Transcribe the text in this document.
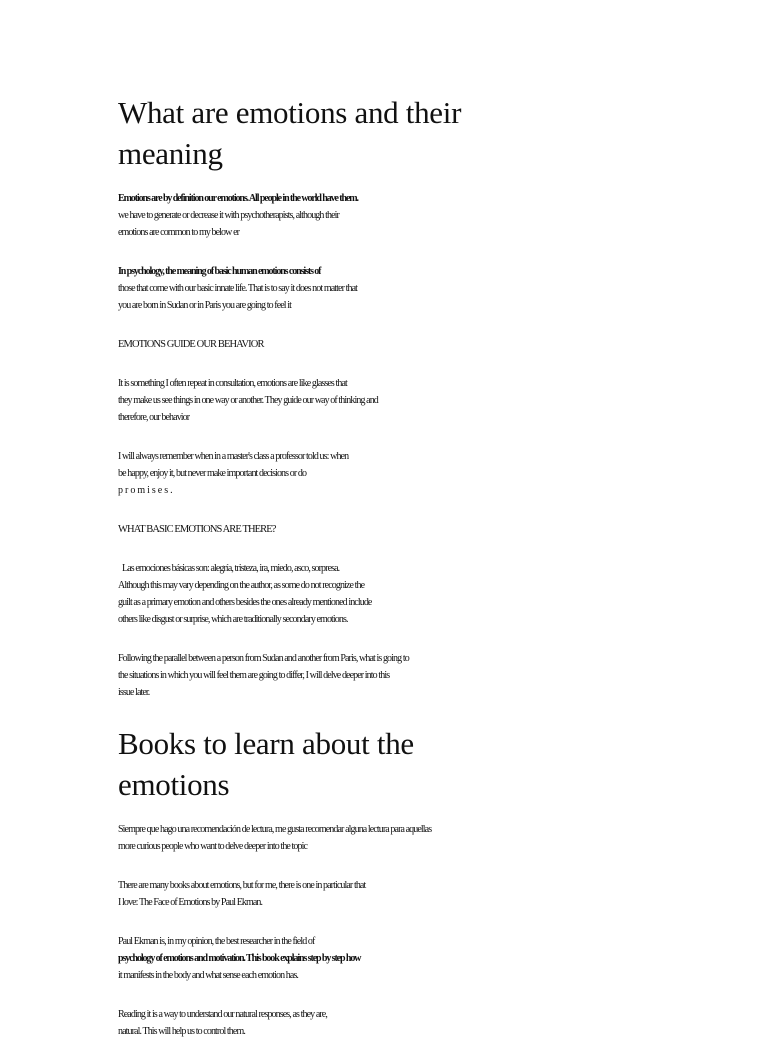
What are emotions and their meaning
Emotions are by definition our emotions. All people in the world have them.
we have to generate or decrease it with psychotherapists, although their
emotions are common to my below er
In psychology, the meaning of basic human emotions consists of
those that come with our basic innate life. That is to say it does not matter that
you are born in Sudan or in Paris you are going to feel it
EMOTIONS GUIDE OUR BEHAVIOR
It is something I often repeat in consultation, emotions are like glasses that
they make us see things in one way or another. They guide our way of thinking and
therefore, our behavior
I will always remember when in a master's class a professor told us: when
be happy, enjoy it, but never make important decisions or do
promises.
WHAT BASIC EMOTIONS ARE THERE?
Las emociones básicas son: alegría, tristeza, ira, miedo, asco, sorpresa.
Although this may vary depending on the author, as some do not recognize the
guilt as a primary emotion and others besides the ones already mentioned include
others like disgust or surprise, which are traditionally secondary emotions.
Following the parallel between a person from Sudan and another from Paris, what is going to
the situations in which you will feel them are going to differ, I will delve deeper into this
issue later.
Books to learn about the emotions
Siempre que hago una recomendación de lectura, me gusta recomendar alguna lectura para aquellas
more curious people who want to delve deeper into the topic
There are many books about emotions, but for me, there is one in particular that
I love: The Face of Emotions by Paul Ekman.
Paul Ekman is, in my opinion, the best researcher in the field of
psychology of emotions and motivation. This book explains step by step how
it manifests in the body and what sense each emotion has.
Reading it is a way to understand our natural responses, as they are,
natural. This will help us to control them.
